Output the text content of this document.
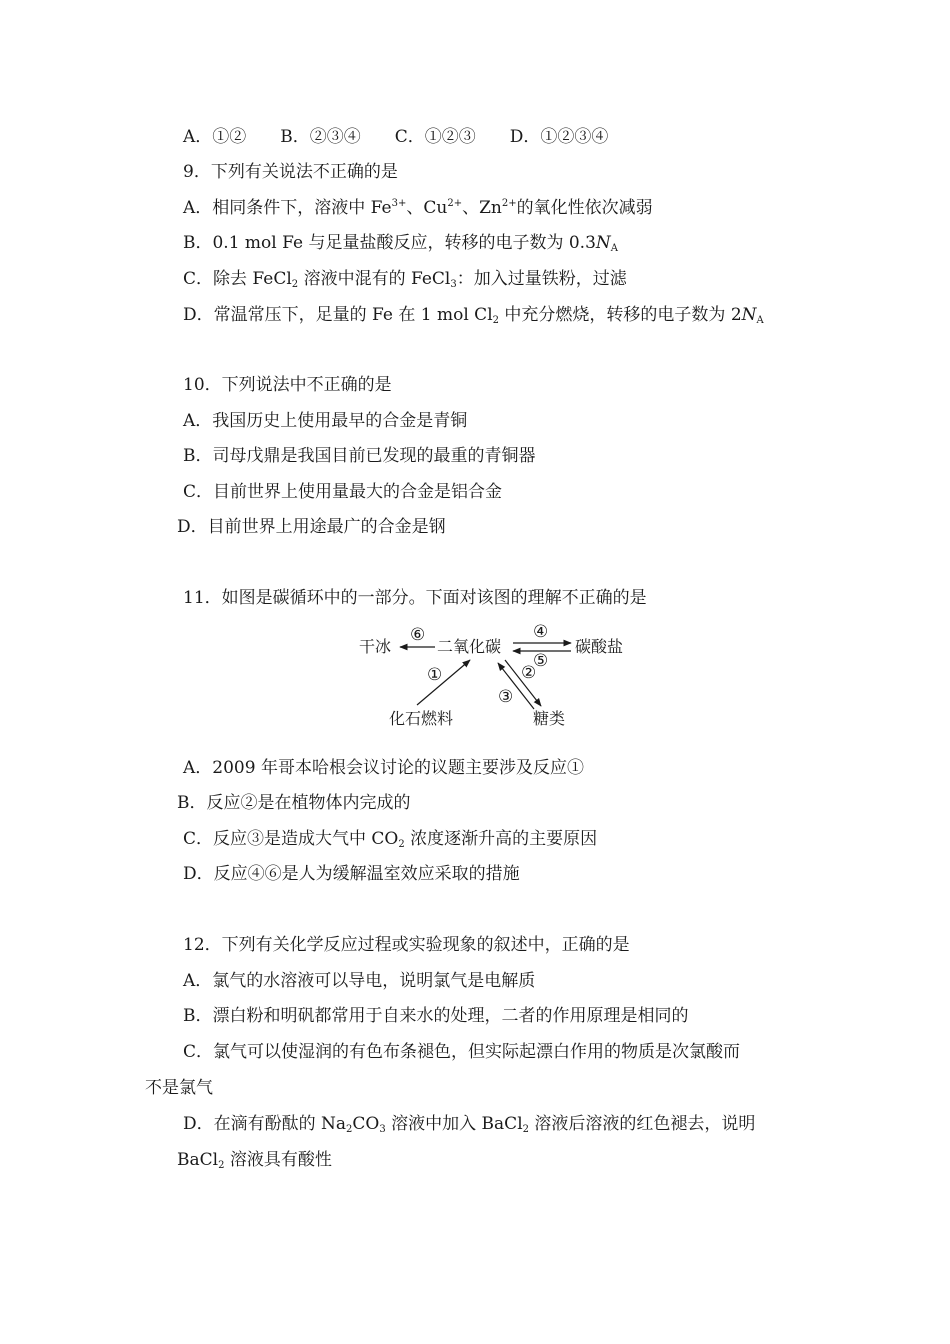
A．①②　　B．②③④　　C．①②③　　D．①②③④
9．下列有关说法不正确的是
A．相同条件下，溶液中 $Fe^{3+}$、$Cu^{2+}$、$Zn^{2+}$的氧化性依次减弱
B．0.1 mol Fe 与足量盐酸反应，转移的电子数为 $0.3N_A$
C．除去 FeCl$_2$ 溶液中混有的 FeCl$_3$：加入过量铁粉，过滤
D．常温常压下，足量的 Fe 在 1 mol $Cl_2$ 中充分燃烧，转移的电子数为 $2N_A$
10．下列说法中不正确的是
A．我国历史上使用最早的合金是青铜
B．司母戊鼎是我国目前已发现的最重的青铜器
C．目前世界上使用量最大的合金是铝合金
D．目前世界上用途最广的合金是钢
11．如图是碳循环中的一部分。下面对该图的理解不正确的是
干冰	二氧化碳	碳酸盐
化石燃料	糖类
⑥	④
⑤
①	②
③
A．2009 年哥本哈根会议讨论的议题主要涉及反应①
B．反应②是在植物体内完成的
C．反应③是造成大气中 $CO_2$ 浓度逐渐升高的主要原因
D．反应④⑥是人为缓解温室效应采取的措施
12．下列有关化学反应过程或实验现象的叙述中，正确的是
A．氯气的水溶液可以导电，说明氯气是电解质
B．漂白粉和明矾都常用于自来水的处理，二者的作用原理是相同的
C．氯气可以使湿润的有色布条褪色，但实际起漂白作用的物质是次氯酸而
不是氯气
D．在滴有酚酞的 $Na_2CO_3$ 溶液中加入 BaCl$_2$ 溶液后溶液的红色褪去，说明
BaCl$_2$ 溶液具有酸性
